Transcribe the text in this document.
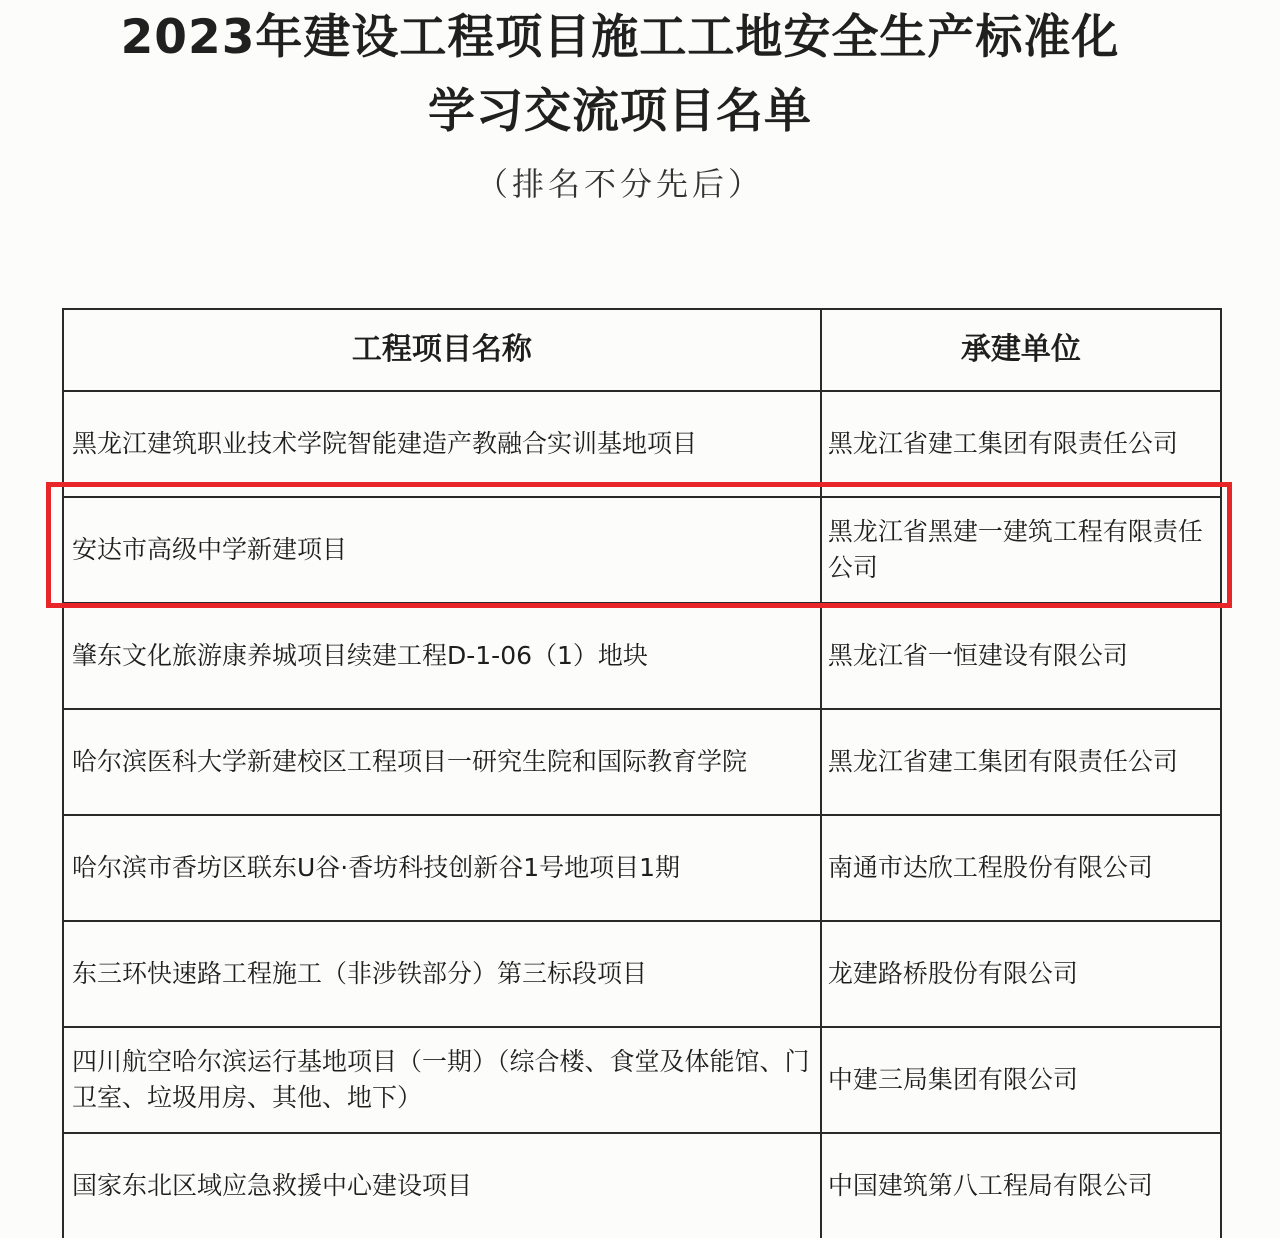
2023年建设工程项目施工工地安全生产标准化
学习交流项目名单
（排名不分先后）
工程项目名称	承建单位
黑龙江建筑职业技术学院智能建造产教融合实训基地项目	黑龙江省建工集团有限责任公司
安达市高级中学新建项目	黑龙江省黑建一建筑工程有限责任公司
肇东文化旅游康养城项目续建工程D-1-06（1）地块	黑龙江省一恒建设有限公司
哈尔滨医科大学新建校区工程项目一研究生院和国际教育学院	黑龙江省建工集团有限责任公司
哈尔滨市香坊区联东U谷·香坊科技创新谷1号地项目1期	南通市达欣工程股份有限公司
东三环快速路工程施工（非涉铁部分）第三标段项目	龙建路桥股份有限公司
四川航空哈尔滨运行基地项目（一期）（综合楼、食堂及体能馆、门卫室、垃圾用房、其他、地下）	中建三局集团有限公司
国家东北区域应急救援中心建设项目	中国建筑第八工程局有限公司
